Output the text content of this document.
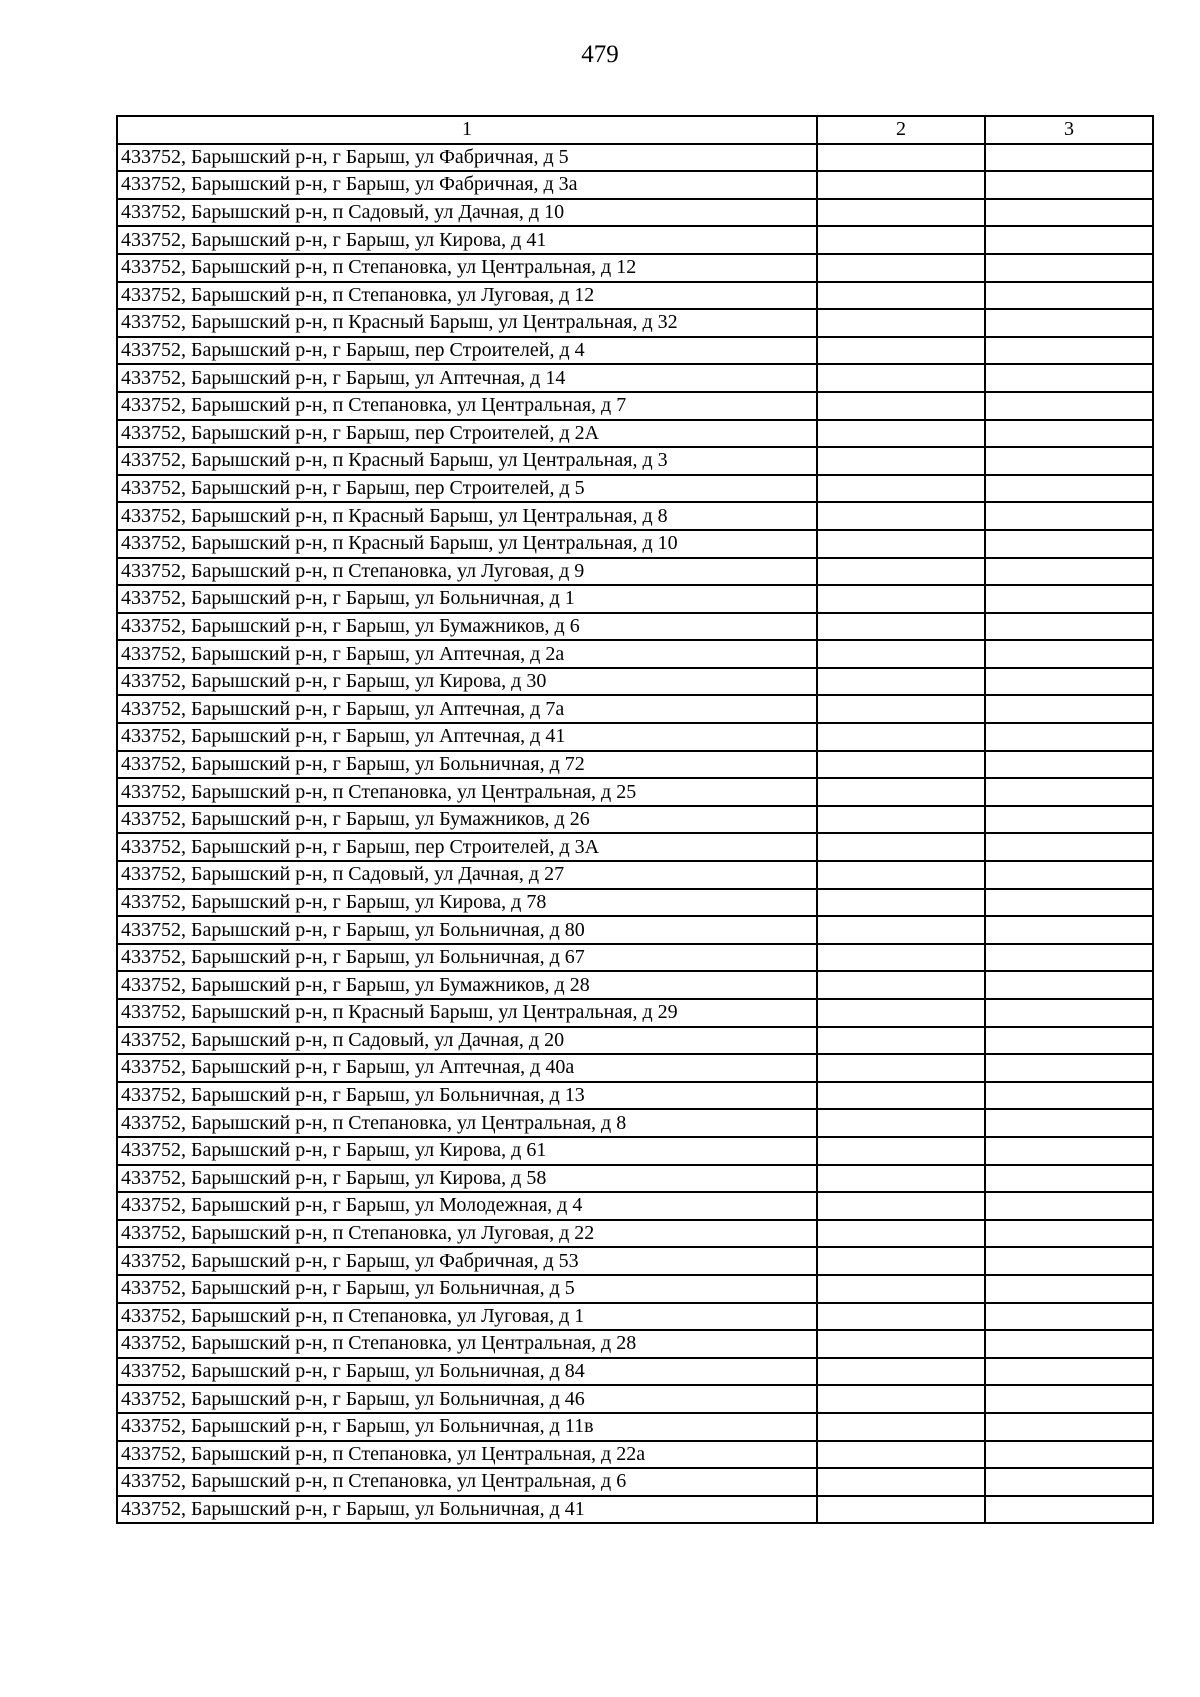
479
1	2	3
433752, Барышский р-н, г Барыш, ул Фабричная, д 5		
433752, Барышский р-н, г Барыш, ул Фабричная, д 3а		
433752, Барышский р-н, п Садовый, ул Дачная, д 10		
433752, Барышский р-н, г Барыш, ул Кирова, д 41		
433752, Барышский р-н, п Степановка, ул Центральная, д 12		
433752, Барышский р-н, п Степановка, ул Луговая, д 12		
433752, Барышский р-н, п Красный Барыш, ул Центральная, д 32		
433752, Барышский р-н, г Барыш, пер Строителей, д 4		
433752, Барышский р-н, г Барыш, ул Аптечная, д 14		
433752, Барышский р-н, п Степановка, ул Центральная, д 7		
433752, Барышский р-н, г Барыш, пер Строителей, д 2А		
433752, Барышский р-н, п Красный Барыш, ул Центральная, д 3		
433752, Барышский р-н, г Барыш, пер Строителей, д 5		
433752, Барышский р-н, п Красный Барыш, ул Центральная, д 8		
433752, Барышский р-н, п Красный Барыш, ул Центральная, д 10		
433752, Барышский р-н, п Степановка, ул Луговая, д 9		
433752, Барышский р-н, г Барыш, ул Больничная, д 1		
433752, Барышский р-н, г Барыш, ул Бумажников, д 6		
433752, Барышский р-н, г Барыш, ул Аптечная, д 2а		
433752, Барышский р-н, г Барыш, ул Кирова, д 30		
433752, Барышский р-н, г Барыш, ул Аптечная, д 7а		
433752, Барышский р-н, г Барыш, ул Аптечная, д 41		
433752, Барышский р-н, г Барыш, ул Больничная, д 72		
433752, Барышский р-н, п Степановка, ул Центральная, д 25		
433752, Барышский р-н, г Барыш, ул Бумажников, д 26		
433752, Барышский р-н, г Барыш, пер Строителей, д 3А		
433752, Барышский р-н, п Садовый, ул Дачная, д 27		
433752, Барышский р-н, г Барыш, ул Кирова, д 78		
433752, Барышский р-н, г Барыш, ул Больничная, д 80		
433752, Барышский р-н, г Барыш, ул Больничная, д 67		
433752, Барышский р-н, г Барыш, ул Бумажников, д 28		
433752, Барышский р-н, п Красный Барыш, ул Центральная, д 29		
433752, Барышский р-н, п Садовый, ул Дачная, д 20		
433752, Барышский р-н, г Барыш, ул Аптечная, д 40а		
433752, Барышский р-н, г Барыш, ул Больничная, д 13		
433752, Барышский р-н, п Степановка, ул Центральная, д 8		
433752, Барышский р-н, г Барыш, ул Кирова, д 61		
433752, Барышский р-н, г Барыш, ул Кирова, д 58		
433752, Барышский р-н, г Барыш, ул Молодежная, д 4		
433752, Барышский р-н, п Степановка, ул Луговая, д 22		
433752, Барышский р-н, г Барыш, ул Фабричная, д 53		
433752, Барышский р-н, г Барыш, ул Больничная, д 5		
433752, Барышский р-н, п Степановка, ул Луговая, д 1		
433752, Барышский р-н, п Степановка, ул Центральная, д 28		
433752, Барышский р-н, г Барыш, ул Больничная, д 84		
433752, Барышский р-н, г Барыш, ул Больничная, д 46		
433752, Барышский р-н, г Барыш, ул Больничная, д 11в		
433752, Барышский р-н, п Степановка, ул Центральная, д 22а		
433752, Барышский р-н, п Степановка, ул Центральная, д 6		
433752, Барышский р-н, г Барыш, ул Больничная, д 41		
